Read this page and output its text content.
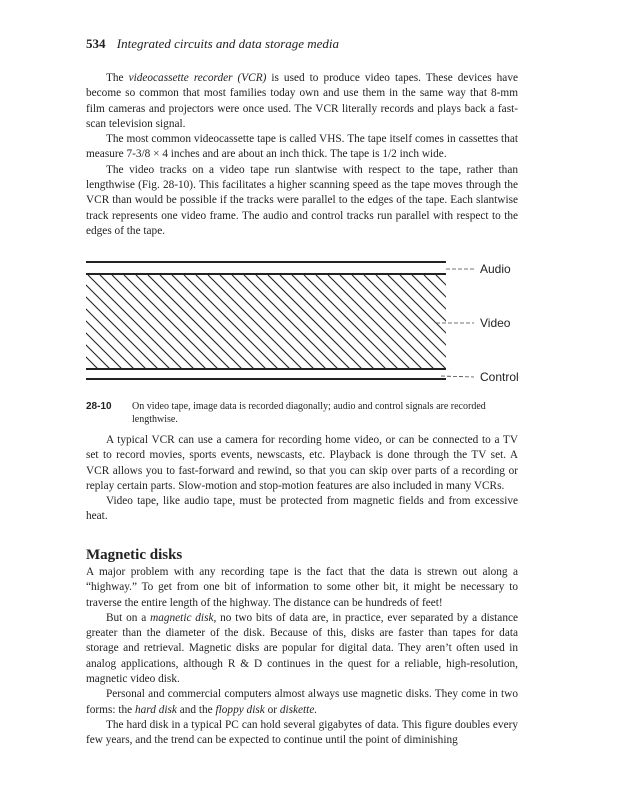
534 Integrated circuits and data storage media

The videocassette recorder (VCR) is used to produce video tapes. These devices have become so common that most families today own and use them in the same way that 8-mm film cameras and projectors were once used. The VCR literally records and plays back a fast-scan television signal.

The most common videocassette tape is called VHS. The tape itself comes in cassettes that measure 7-3/8 × 4 inches and are about an inch thick. The tape is 1/2 inch wide.

The video tracks on a video tape run slantwise with respect to the tape, rather than lengthwise (Fig. 28-10). This facilitates a higher scanning speed as the tape moves through the VCR than would be possible if the tracks were parallel to the edges of the tape. Each slantwise track represents one video frame. The audio and control tracks run parallel with respect to the edges of the tape.

Audio
Video
Control
28-10 On video tape, image data is recorded diagonally; audio and control signals are recorded lengthwise.

A typical VCR can use a camera for recording home video, or can be connected to a TV set to record movies, sports events, newscasts, etc. Playback is done through the TV set. A VCR allows you to fast-forward and rewind, so that you can skip over parts of a recording or replay certain parts. Slow-motion and stop-motion features are also included in many VCRs.

Video tape, like audio tape, must be protected from magnetic fields and from excessive heat.

Magnetic disks

A major problem with any recording tape is the fact that the data is strewn out along a “highway.” To get from one bit of information to some other bit, it might be necessary to traverse the entire length of the highway. The distance can be hundreds of feet!

But on a magnetic disk, no two bits of data are, in practice, ever separated by a distance greater than the diameter of the disk. Because of this, disks are faster than tapes for data storage and retrieval. Magnetic disks are popular for digital data. They aren’t often used in analog applications, although R & D continues in the quest for a reliable, high-resolution, magnetic video disk.

Personal and commercial computers almost always use magnetic disks. They come in two forms: the hard disk and the floppy disk or diskette.

The hard disk in a typical PC can hold several gigabytes of data. This figure doubles every few years, and the trend can be expected to continue until the point of diminishing
